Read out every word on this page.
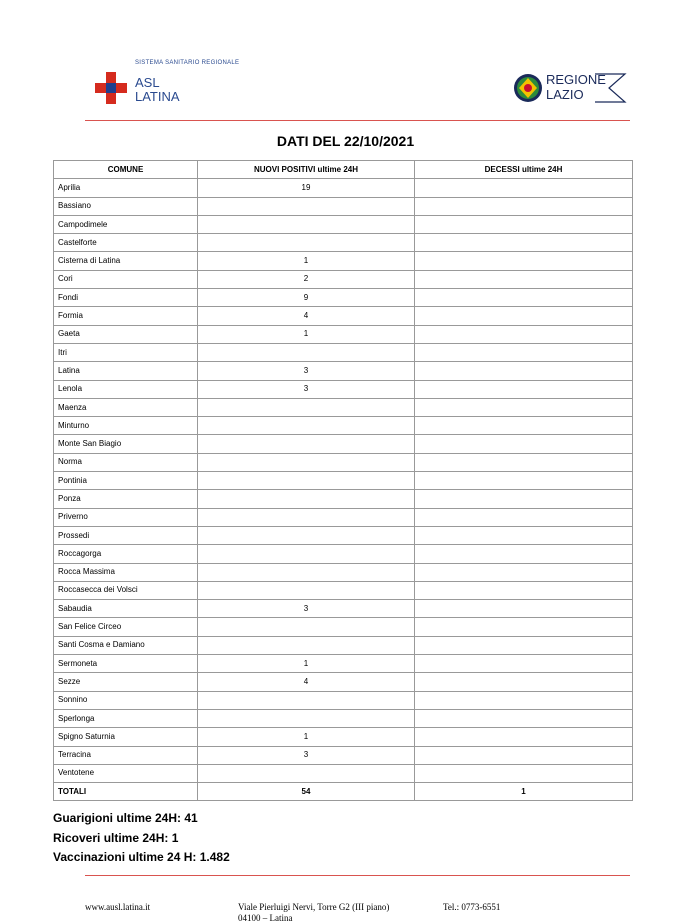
SISTEMA SANITARIO REGIONALE
ASL
LATINA
REGIONE
LAZIO
DATI DEL 22/10/2021
COMUNE	NUOVI POSITIVI ultime 24H	DECESSI ultime 24H
Aprilia	19	
Bassiano		
Campodimele		
Castelforte		
Cisterna di Latina	1	
Cori	2	
Fondi	9	
Formia	4	
Gaeta	1	
Itri		
Latina	3	
Lenola	3	
Maenza		
Minturno		
Monte San Biagio		
Norma		
Pontinia		
Ponza		
Priverno		
Prossedi		
Roccagorga		
Rocca Massima		
Roccasecca dei Volsci		
Sabaudia	3	
San Felice Circeo		
Santi Cosma e Damiano		
Sermoneta	1	
Sezze	4	
Sonnino		
Sperlonga		
Spigno Saturnia	1	
Terracina	3	
Ventotene		
TOTALI	54	1
Guarigioni ultime 24H: 41
Ricoveri ultime 24H: 1
Vaccinazioni ultime 24 H: 1.482
www.ausl.latina.it	Viale Pierluigi Nervi, Torre G2 (III piano)
04100 – Latina
Tel.: 0773-6551
